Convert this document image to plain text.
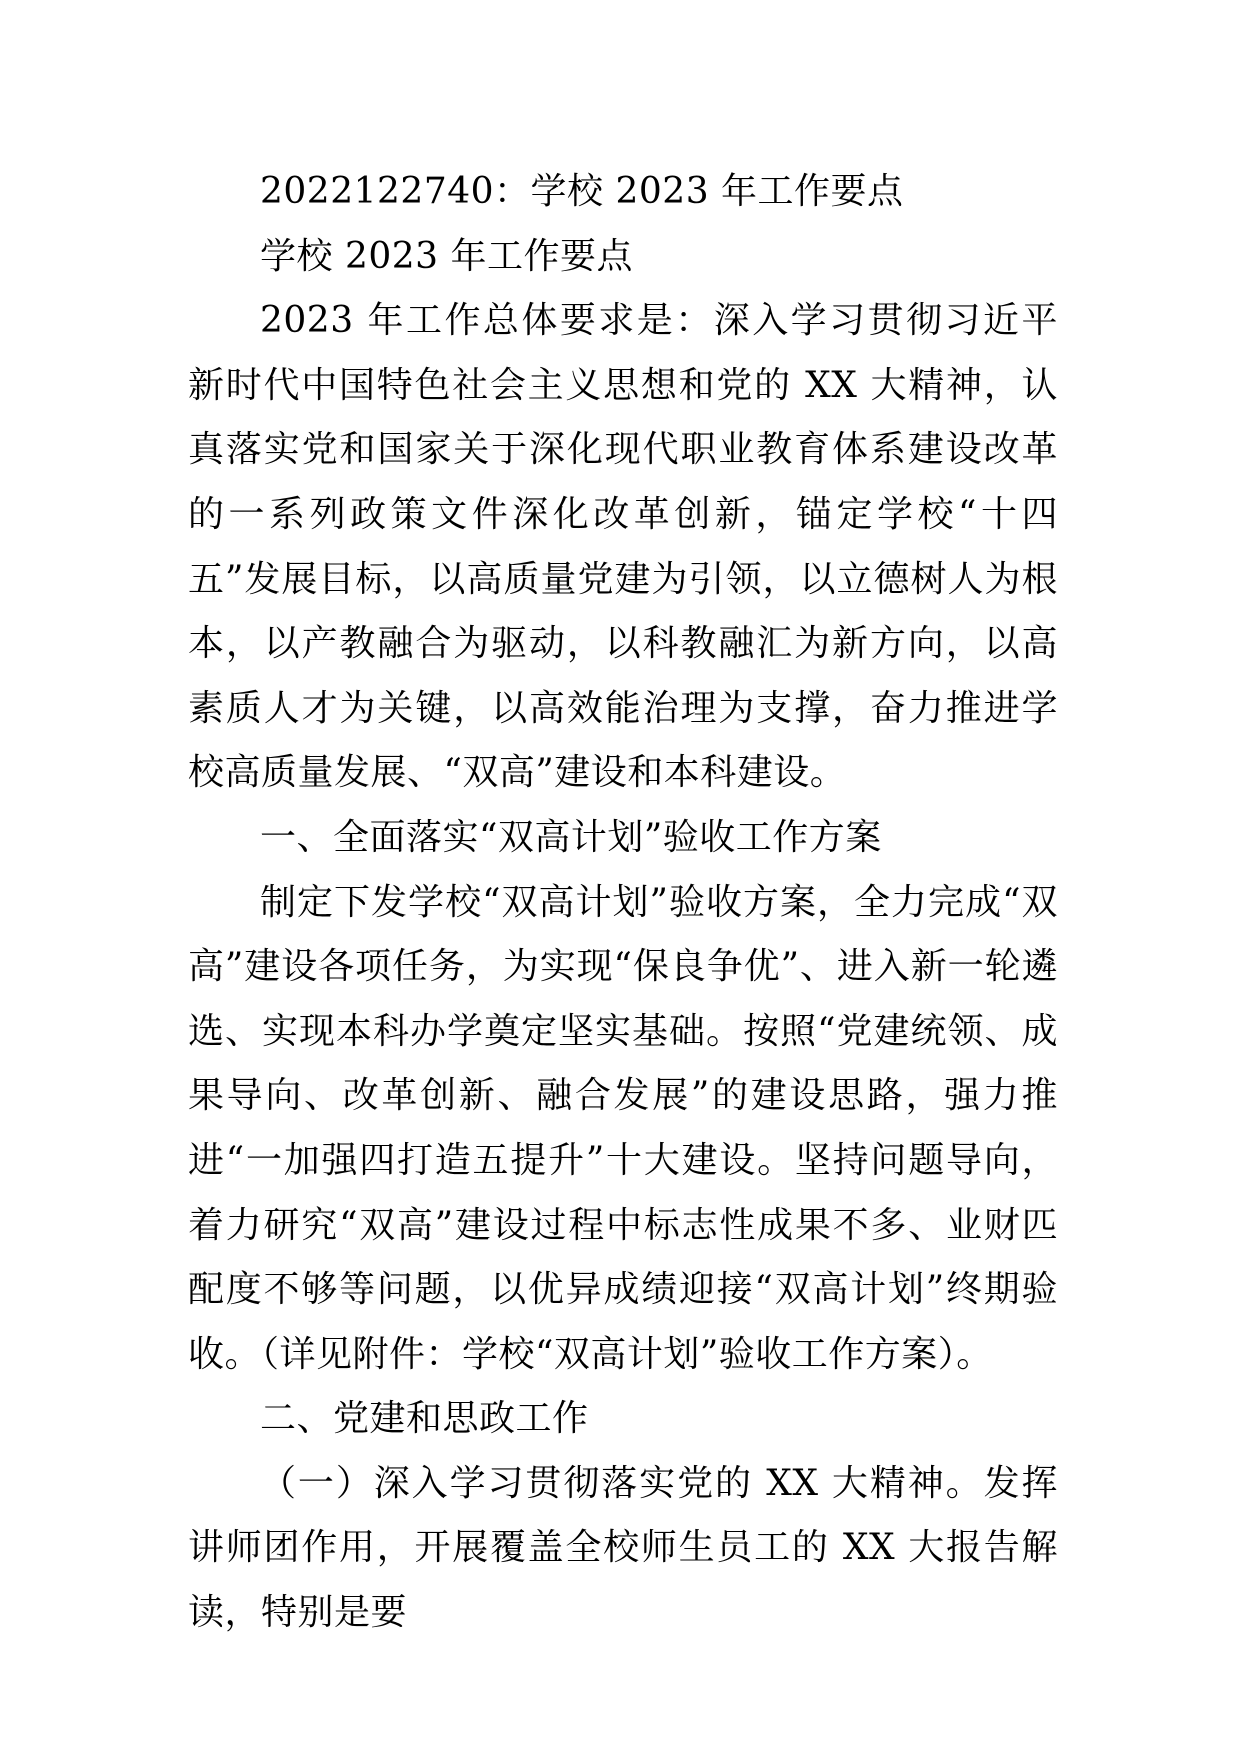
2022122740：学校 2023 年工作要点

学校 2023 年工作要点

2023 年工作总体要求是：深入学习贯彻习近平新时代中国特色社会主义思想和党的 XX 大精神，认真落实党和国家关于深化现代职业教育体系建设改革的一系列政策文件深化改革创新，锚定学校“十四五”发展目标，以高质量党建为引领，以立德树人为根本，以产教融合为驱动，以科教融汇为新方向，以高素质人才为关键，以高效能治理为支撑，奋力推进学校高质量发展、“双高”建设和本科建设。

一、全面落实“双高计划”验收工作方案

制定下发学校“双高计划”验收方案，全力完成“双高”建设各项任务，为实现“保良争优”、进入新一轮遴选、实现本科办学奠定坚实基础。按照“党建统领、成果导向、改革创新、融合发展”的建设思路，强力推进“一加强四打造五提升”十大建设。坚持问题导向，着力研究“双高”建设过程中标志性成果不多、业财匹配度不够等问题，以优异成绩迎接“双高计划”终期验收。（详见附件：学校“双高计划”验收工作方案）。

二、党建和思政工作

（一）深入学习贯彻落实党的 XX 大精神。发挥讲师团作用，开展覆盖全校师生员工的 XX 大报告解读，特别是要
